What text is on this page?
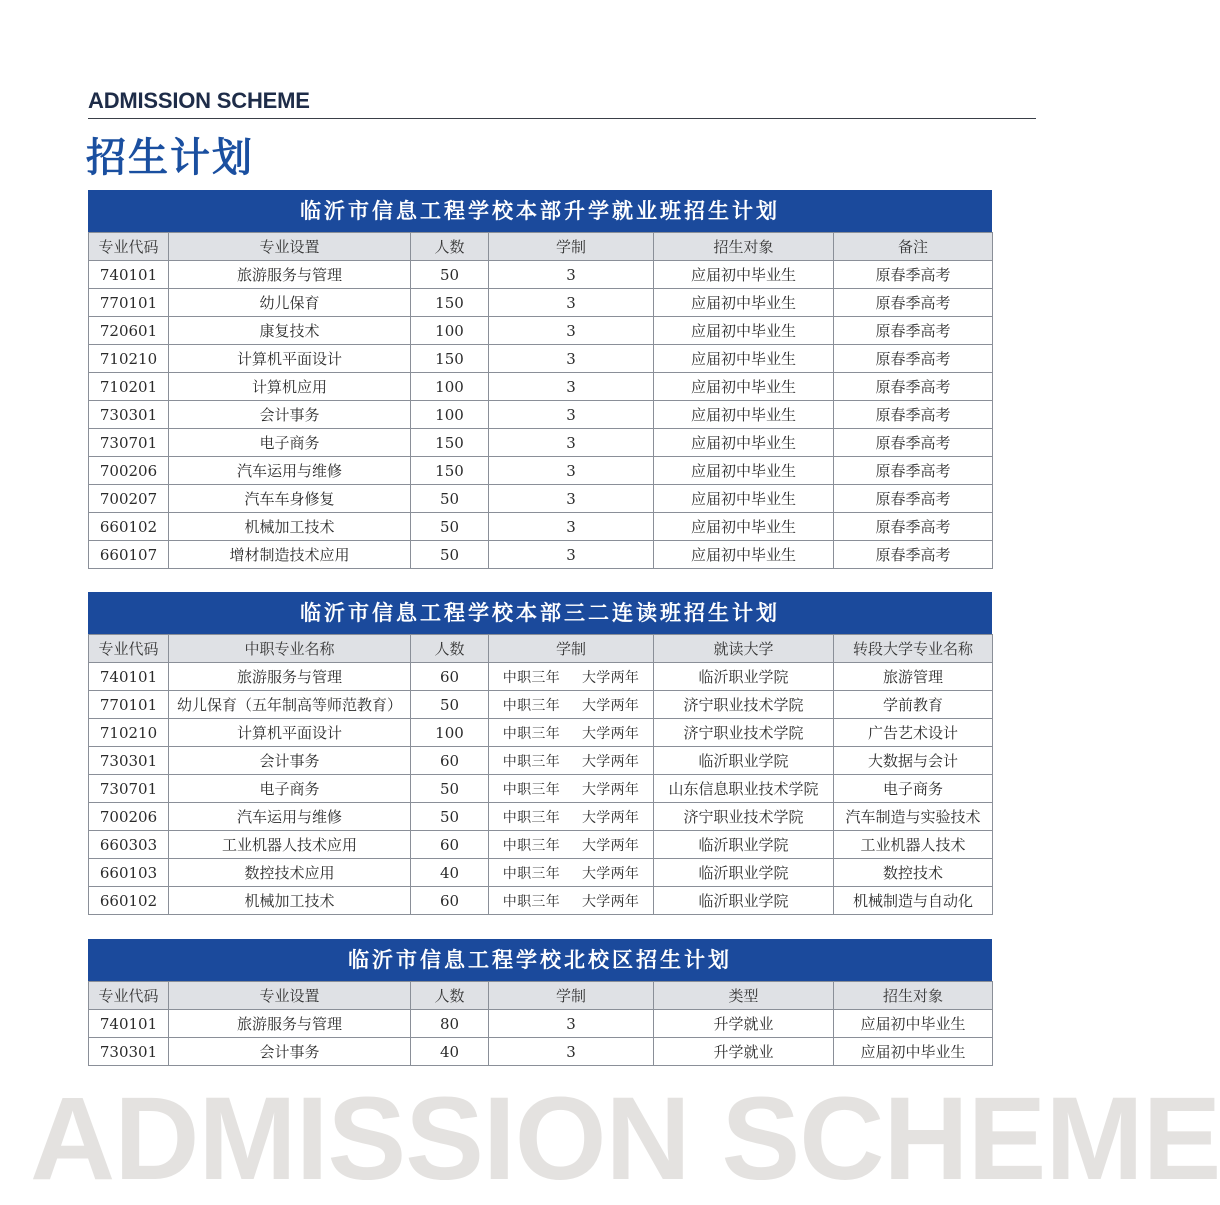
ADMISSION SCHEME
招生计划
临沂市信息工程学校本部升学就业班招生计划
专业代码	专业设置	人数	学制	招生对象	备注
740101	旅游服务与管理	50	3	应届初中毕业生	原春季高考
770101	幼儿保育	150	3	应届初中毕业生	原春季高考
720601	康复技术	100	3	应届初中毕业生	原春季高考
710210	计算机平面设计	150	3	应届初中毕业生	原春季高考
710201	计算机应用	100	3	应届初中毕业生	原春季高考
730301	会计事务	100	3	应届初中毕业生	原春季高考
730701	电子商务	150	3	应届初中毕业生	原春季高考
700206	汽车运用与维修	150	3	应届初中毕业生	原春季高考
700207	汽车车身修复	50	3	应届初中毕业生	原春季高考
660102	机械加工技术	50	3	应届初中毕业生	原春季高考
660107	增材制造技术应用	50	3	应届初中毕业生	原春季高考
临沂市信息工程学校本部三二连读班招生计划
专业代码	中职专业名称	人数	学制	就读大学	转段大学专业名称
740101	旅游服务与管理	60	中职三年 大学两年	临沂职业学院	旅游管理
770101	幼儿保育（五年制高等师范教育）	50	中职三年 大学两年	济宁职业技术学院	学前教育
710210	计算机平面设计	100	中职三年 大学两年	济宁职业技术学院	广告艺术设计
730301	会计事务	60	中职三年 大学两年	临沂职业学院	大数据与会计
730701	电子商务	50	中职三年 大学两年	山东信息职业技术学院	电子商务
700206	汽车运用与维修	50	中职三年 大学两年	济宁职业技术学院	汽车制造与实验技术
660303	工业机器人技术应用	60	中职三年 大学两年	临沂职业学院	工业机器人技术
660103	数控技术应用	40	中职三年 大学两年	临沂职业学院	数控技术
660102	机械加工技术	60	中职三年 大学两年	临沂职业学院	机械制造与自动化
临沂市信息工程学校北校区招生计划
专业代码	专业设置	人数	学制	类型	招生对象
740101	旅游服务与管理	80	3	升学就业	应届初中毕业生
730301	会计事务	40	3	升学就业	应届初中毕业生
ADMISSION SCHEME
